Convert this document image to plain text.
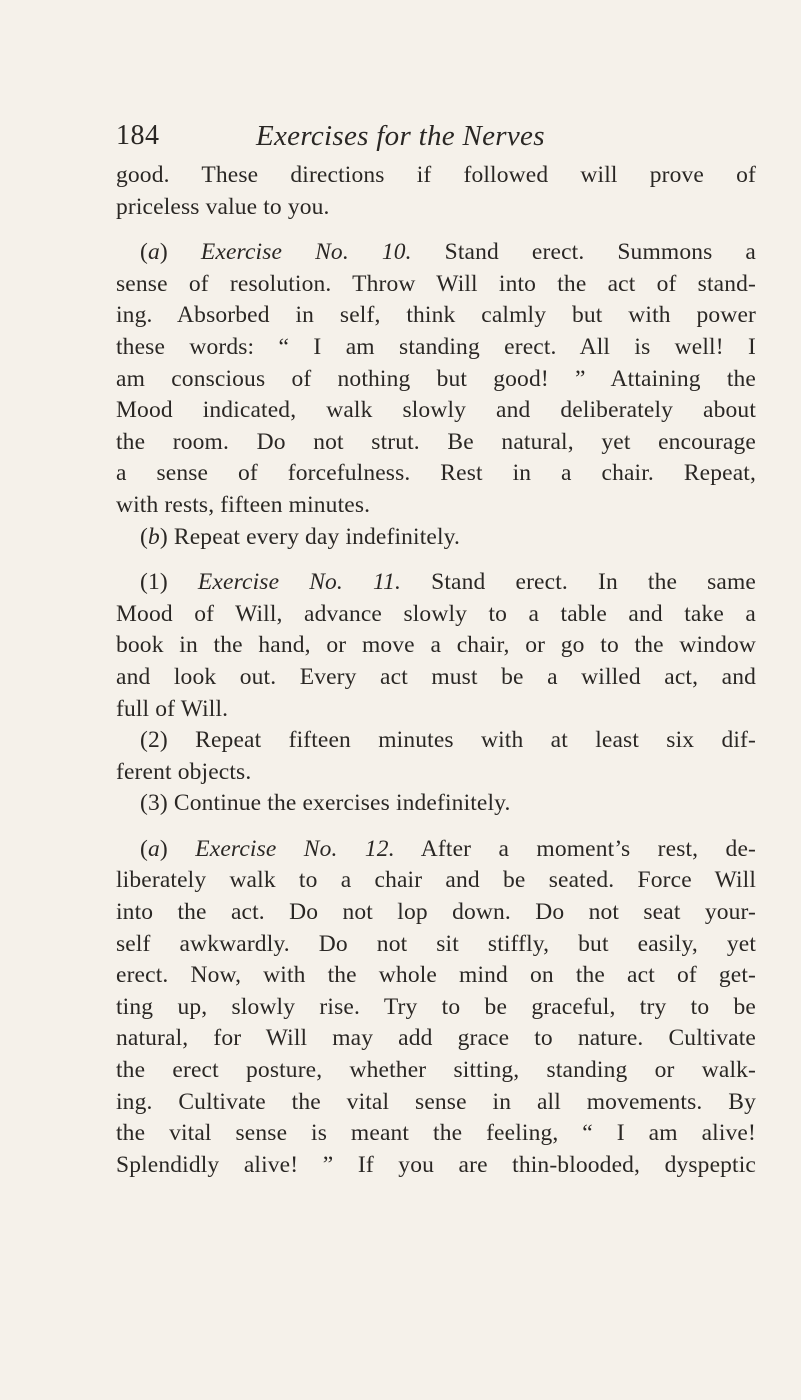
184	Exercises for the Nerves
good. These directions if followed will prove of
priceless value to you.
(a) Exercise No. 10. Stand erect. Summons a
sense of resolution. Throw Will into the act of stand-
ing. Absorbed in self, think calmly but with power
these words: “ I am standing erect. All is well! I
am conscious of nothing but good! ” Attaining the
Mood indicated, walk slowly and deliberately about
the room. Do not strut. Be natural, yet encourage
a sense of forcefulness. Rest in a chair. Repeat,
with rests, fifteen minutes.
(b) Repeat every day indefinitely.
(1) Exercise No. 11. Stand erect. In the same
Mood of Will, advance slowly to a table and take a
book in the hand, or move a chair, or go to the window
and look out. Every act must be a willed act, and
full of Will.
(2) Repeat fifteen minutes with at least six dif-
ferent objects.
(3) Continue the exercises indefinitely.
(a) Exercise No. 12. After a moment’s rest, de-
liberately walk to a chair and be seated. Force Will
into the act. Do not lop down. Do not seat your-
self awkwardly. Do not sit stiffly, but easily, yet
erect. Now, with the whole mind on the act of get-
ting up, slowly rise. Try to be graceful, try to be
natural, for Will may add grace to nature. Cultivate
the erect posture, whether sitting, standing or walk-
ing. Cultivate the vital sense in all movements. By
the vital sense is meant the feeling, “ I am alive!
Splendidly alive! ” If you are thin-blooded, dyspeptic
